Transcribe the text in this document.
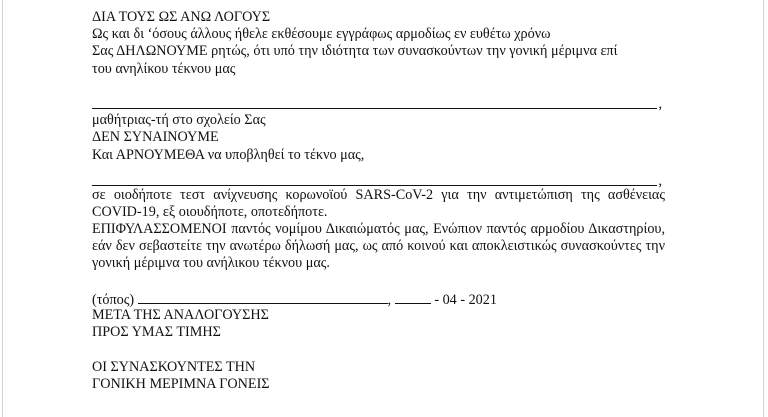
ΔΙΑ ΤΟΥΣ ΩΣ ΑΝΩ ΛΟΓΟΥΣ
Ως και δι ‘όσους άλλους ήθελε εκθέσουμε εγγράφως αρμοδίως εν ευθέτω χρόνω
Σας ΔΗΛΩΝΟΥΜΕ ρητώς, ότι υπό την ιδιότητα των συνασκούντων την γονική μέριμνα επί
του ανηλίκου τέκνου μας
,
μαθήτριας-τή στο σχολείο Σας
ΔΕΝ ΣΥΝΑΙΝΟΥΜΕ
Και ΑΡΝΟΥΜΕΘΑ να υποβληθεί το τέκνο μας,
,
σε οιοδήποτε τεστ ανίχνευσης κορωνοϊού SARS-CoV-2 για την αντιμετώπιση της ασθένειας
COVID-19, εξ οιουδήποτε, οποτεδήποτε.
ΕΠΙΦΥΛΑΣΣΟΜΕΝΟΙ παντός νομίμου Δικαιώματός μας, Ενώπιον παντός αρμοδίου Δικαστηρίου, εάν δεν σεβαστείτε την ανωτέρω δήλωσή μας, ως από κοινού και αποκλειστικώς συνασκούντες την γονική μέριμνα του ανήλικου τέκνου μας.
(τόπος)	,	- 04 - 2021
ΜΕΤΑ ΤΗΣ ΑΝΑΛΟΓΟΥΣΗΣ
ΠΡΟΣ ΥΜΑΣ ΤΙΜΗΣ
ΟΙ ΣΥΝΑΣΚΟΥΝΤΕΣ ΤΗΝ
ΓΟΝΙΚΗ ΜΕΡΙΜΝΑ ΓΟΝΕΙΣ
